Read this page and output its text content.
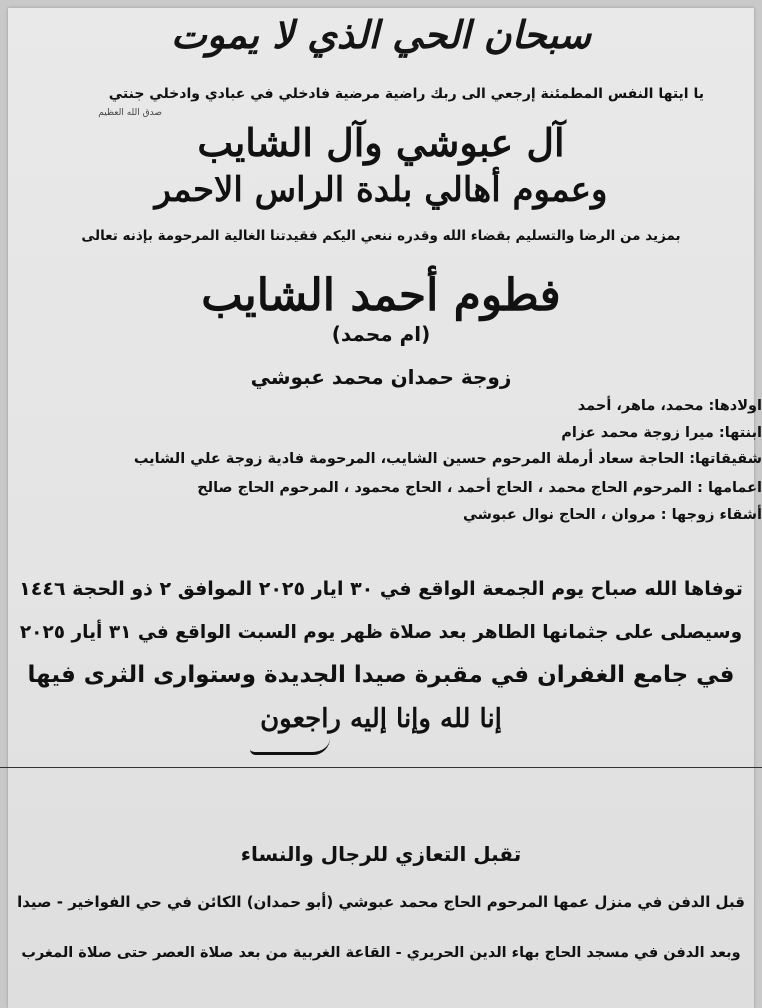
سبحان الحي الذي لا يموت
يا ايتها النفس المطمئنة إرجعي الى ربك راضية مرضية فادخلي في عبادي وادخلي جنتي
صدق الله العظيم
آل عبوشي وآل الشايب
وعموم أهالي بلدة الراس الاحمر
بمزيد من الرضا والتسليم بقضاء الله وقدره ننعي اليكم فقيدتنا الغالية المرحومة بإذنه تعالى
فطوم أحمد الشايب
(ام محمد)
زوجة حمدان محمد عبوشي
اولادها: محمد، ماهر، أحمد
ابنتها: ميرا زوجة محمد عزام
شقيقاتها: الحاجة سعاد أرملة المرحوم حسين الشايب، المرحومة فادية زوجة علي الشايب
اعمامها : المرحوم الحاج محمد ، الحاج أحمد ، الحاج محمود ، المرحوم الحاج صالح
أشقاء زوجها : مروان ، الحاج نوال عبوشي
توفاها الله صباح يوم الجمعة الواقع في ٣٠ ايار ٢٠٢٥ الموافق ٢ ذو الحجة ١٤٤٦
وسيصلى على جثمانها الطاهر بعد صلاة ظهر يوم السبت الواقع في ٣١ أيار ٢٠٢٥
في جامع الغفران في مقبرة صيدا الجديدة وستوارى الثرى فيها
إنا لله وإنا إليه راجعون
تقبل التعازي للرجال والنساء
قبل الدفن في منزل عمها المرحوم الحاج محمد عبوشي (أبو حمدان) الكائن في حي الفواخير - صيدا
وبعد الدفن في مسجد الحاج بهاء الدين الحريري - القاعة الغربية من بعد صلاة العصر حتى صلاة المغرب
